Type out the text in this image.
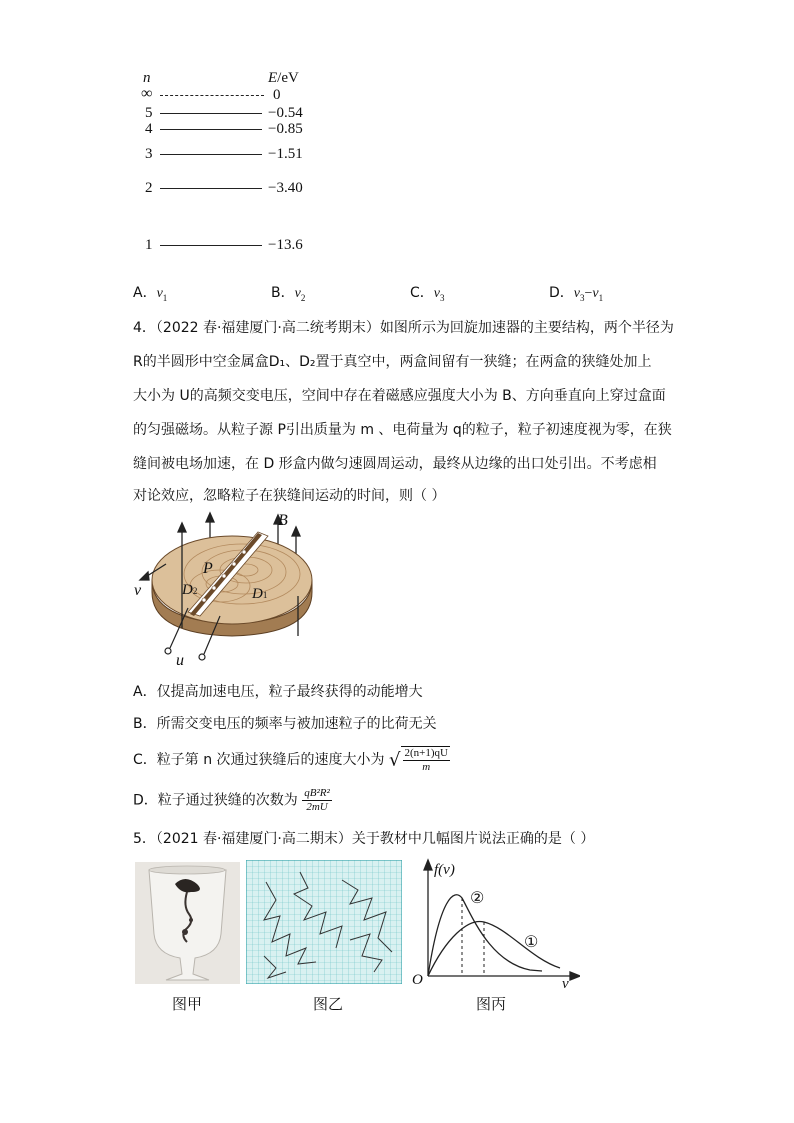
n	E/eV
∞	0
5	−0.54
4	−0.85
3	−1.51
2	−3.40
1	−13.6
A．$\nu_1$	B．$\nu_2$	C．$\nu_3$	D．$\nu_3-\nu_1$
4．（2022 春·福建厦门·高二统考期末）如图所示为回旋加速器的主要结构，两个半径为
R的半圆形中空金属盒D₁、D₂置于真空中，两盒间留有一狭缝；在两盒的狭缝处加上
大小为 U的高频交变电压，空间中存在着磁感应强度大小为 B、方向垂直向上穿过盒面
的匀强磁场。从粒子源 P引出质量为 m 、电荷量为 q的粒子，粒子初速度视为零，在狭
缝间被电场加速，在 D 形盒内做匀速圆周运动，最终从边缘的出口处引出。不考虑相
对论效应，忽略粒子在狭缝间运动的时间，则（ ）
B
P
v	D2	D1
u
A．仅提高加速电压，粒子最终获得的动能增大
B．所需交变电压的频率与被加速粒子的比荷无关
C．粒子第 n 次通过狭缝后的速度大小为 √ $\frac{2(n+1)qU}{m}$
D．粒子通过狭缝的次数为 $\frac{\text{qB²R²}}{2mU}$
5．（2021 春·福建厦门·高二期末）关于教材中几幅图片说法正确的是（ ）
f(v)
②
①
O	v
图甲	图乙	图丙
